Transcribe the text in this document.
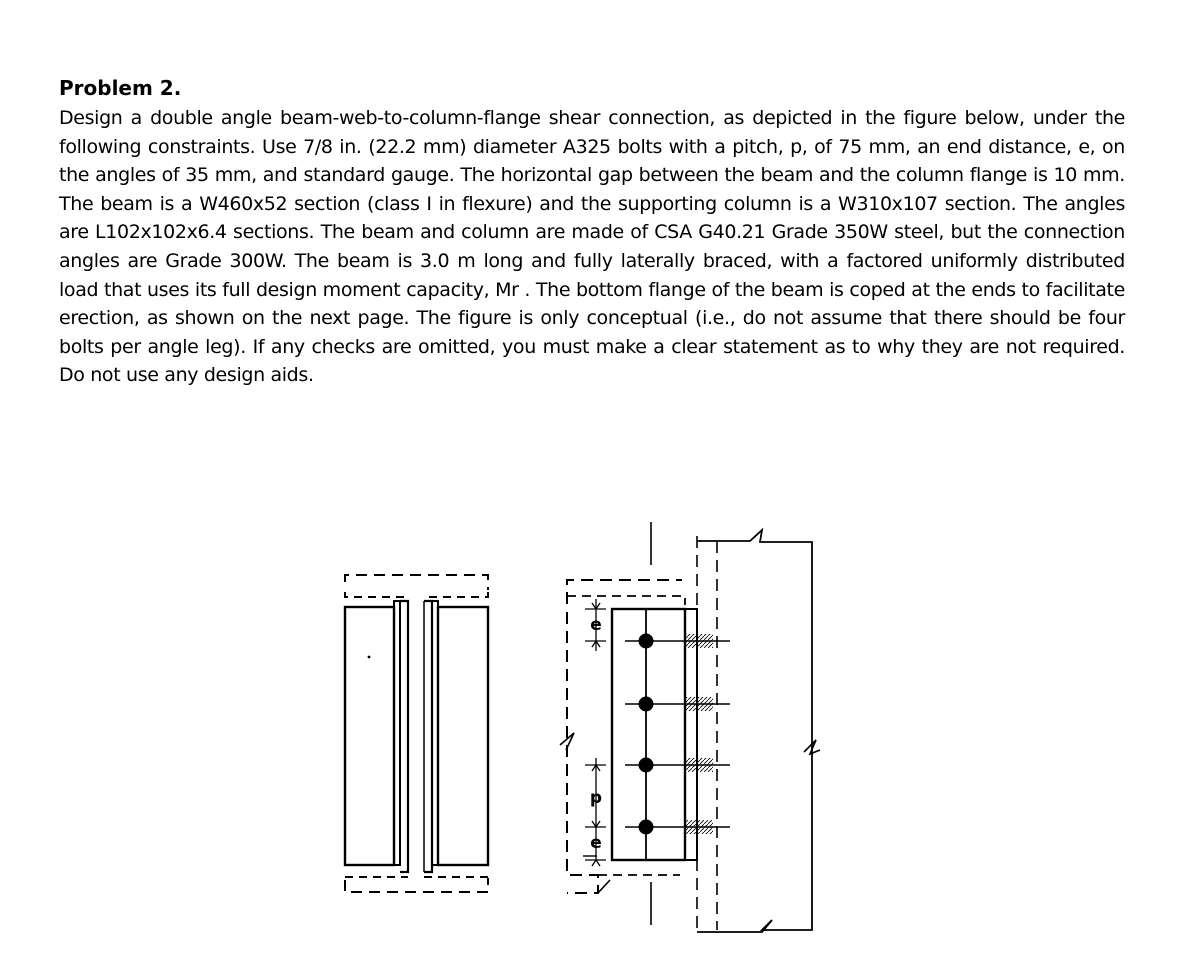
Problem 2.
Design a double angle beam-web-to-column-flange shear connection, as depicted in the figure below, under the following constraints. Use 7/8 in. (22.2 mm) diameter A325 bolts with a pitch, p, of 75 mm, an end distance, e, on the angles of 35 mm, and standard gauge. The horizontal gap between the beam and the column flange is 10 mm. The beam is a W460x52 section (class I in flexure) and the supporting column is a W310x107 section. The angles are L102x102x6.4 sections. The beam and column are made of CSA G40.21 Grade 350W steel, but the connection angles are Grade 300W. The beam is 3.0 m long and fully laterally braced, with a factored uniformly distributed load that uses its full design moment capacity, Mr . The bottom flange of the beam is coped at the ends to facilitate erection, as shown on the next page. The figure is only conceptual (i.e., do not assume that there should be four bolts per angle leg). If any checks are omitted, you must make a clear statement as to why they are not required. Do not use any design aids.
e
p
e
